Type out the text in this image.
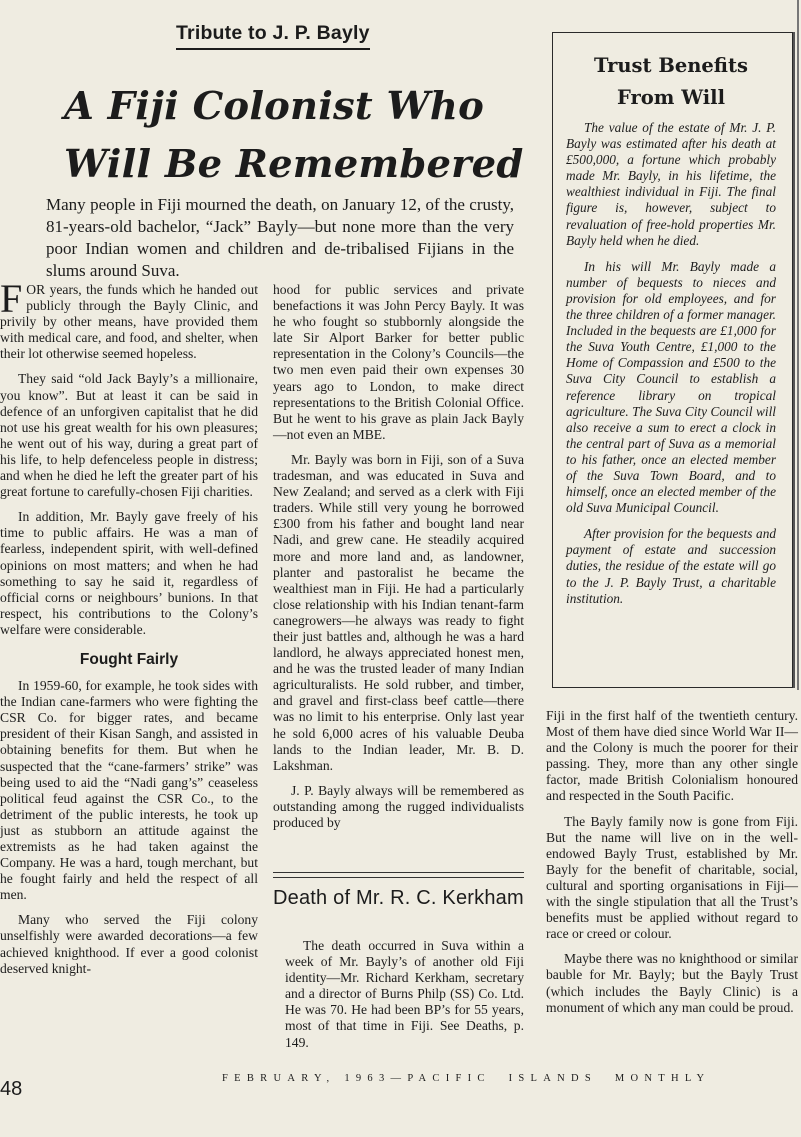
Tribute to J. P. Bayly
A Fiji Colonist Who
Will Be Remembered
Many people in Fiji mourned the death, on January 12, of the crusty, 81-years-old bachelor, “Jack” Bayly—but none more than the very poor Indian women and children and de-tribalised Fijians in the slums around Suva.

FOR years, the funds which he handed out publicly through the Bayly Clinic, and privily by other means, have provided them with medical care, and food, and shelter, when their lot otherwise seemed hopeless.

They said “old Jack Bayly’s a millionaire, you know”. But at least it can be said in defence of an unforgiven capitalist that he did not use his great wealth for his own pleasures; he went out of his way, during a great part of his life, to help defenceless people in distress; and when he died he left the greater part of his great fortune to carefully-chosen Fiji charities.

In addition, Mr. Bayly gave freely of his time to public affairs. He was a man of fearless, independent spirit, with well-defined opinions on most matters; and when he had something to say he said it, regardless of official corns or neighbours’ bunions. In that respect, his contributions to the Colony’s welfare were considerable.

Fought Fairly

In 1959-60, for example, he took sides with the Indian cane-farmers who were fighting the CSR Co. for bigger rates, and became president of their Kisan Sangh, and assisted in obtaining benefits for them. But when he suspected that the “cane-farmers’ strike” was being used to aid the “Nadi gang’s” ceaseless political feud against the CSR Co., to the detriment of the public interests, he took up just as stubborn an attitude against the extremists as he had taken against the Company. He was a hard, tough merchant, but he fought fairly and held the respect of all men.

Many who served the Fiji colony unselfishly were awarded decorations—a few achieved knighthood. If ever a good colonist deserved knight-

hood for public services and private benefactions it was John Percy Bayly. It was he who fought so stubbornly alongside the late Sir Alport Barker for better public representation in the Colony’s Councils—the two men even paid their own expenses 30 years ago to London, to make direct representations to the British Colonial Office. But he went to his grave as plain Jack Bayly—not even an MBE.

Mr. Bayly was born in Fiji, son of a Suva tradesman, and was educated in Suva and New Zealand; and served as a clerk with Fiji traders. While still very young he borrowed £300 from his father and bought land near Nadi, and grew cane. He steadily acquired more and more land and, as landowner, planter and pastoralist he became the wealthiest man in Fiji. He had a particularly close relationship with his Indian tenant-farm canegrowers—he always was ready to fight their just battles and, although he was a hard landlord, he always appreciated honest men, and he was the trusted leader of many Indian agriculturalists. He sold rubber, and timber, and gravel and first-class beef cattle—there was no limit to his enterprise. Only last year he sold 6,000 acres of his valuable Deuba lands to the Indian leader, Mr. B. D. Lakshman.

J. P. Bayly always will be remembered as outstanding among the rugged individualists produced by

Death of Mr. R. C. Kerkham

The death occurred in Suva within a week of Mr. Bayly’s of another old Fiji identity—Mr. Richard Kerkham, secretary and a director of Burns Philp (SS) Co. Ltd. He was 70. He had been BP’s for 55 years, most of that time in Fiji. See Deaths, p. 149.

Trust Benefits
From Will

The value of the estate of Mr. J. P. Bayly was estimated after his death at £500,000, a fortune which probably made Mr. Bayly, in his lifetime, the wealthiest individual in Fiji. The final figure is, however, subject to revaluation of free-hold properties Mr. Bayly held when he died.

In his will Mr. Bayly made a number of bequests to nieces and provision for old employees, and for the three children of a former manager. Included in the bequests are £1,000 for the Suva Youth Centre, £1,000 to the Home of Compassion and £500 to the Suva City Council to establish a reference library on tropical agriculture. The Suva City Council will also receive a sum to erect a clock in the central part of Suva as a memorial to his father, once an elected member of the Suva Town Board, and to himself, once an elected member of the old Suva Municipal Council.

After provision for the bequests and payment of estate and succession duties, the residue of the estate will go to the J. P. Bayly Trust, a charitable institution.

Fiji in the first half of the twentieth century. Most of them have died since World War II—and the Colony is much the poorer for their passing. They, more than any other single factor, made British Colonialism honoured and respected in the South Pacific.

The Bayly family now is gone from Fiji. But the name will live on in the well-endowed Bayly Trust, established by Mr. Bayly for the benefit of charitable, social, cultural and sporting organisations in Fiji—with the single stipulation that all the Trust’s benefits must be applied without regard to race or creed or colour.

Maybe there was no knighthood or similar bauble for Mr. Bayly; but the Bayly Trust (which includes the Bayly Clinic) is a monument of which any man could be proud.

48	FEBRUARY, 1963—PACIFIC  ISLANDS  MONTHLY
